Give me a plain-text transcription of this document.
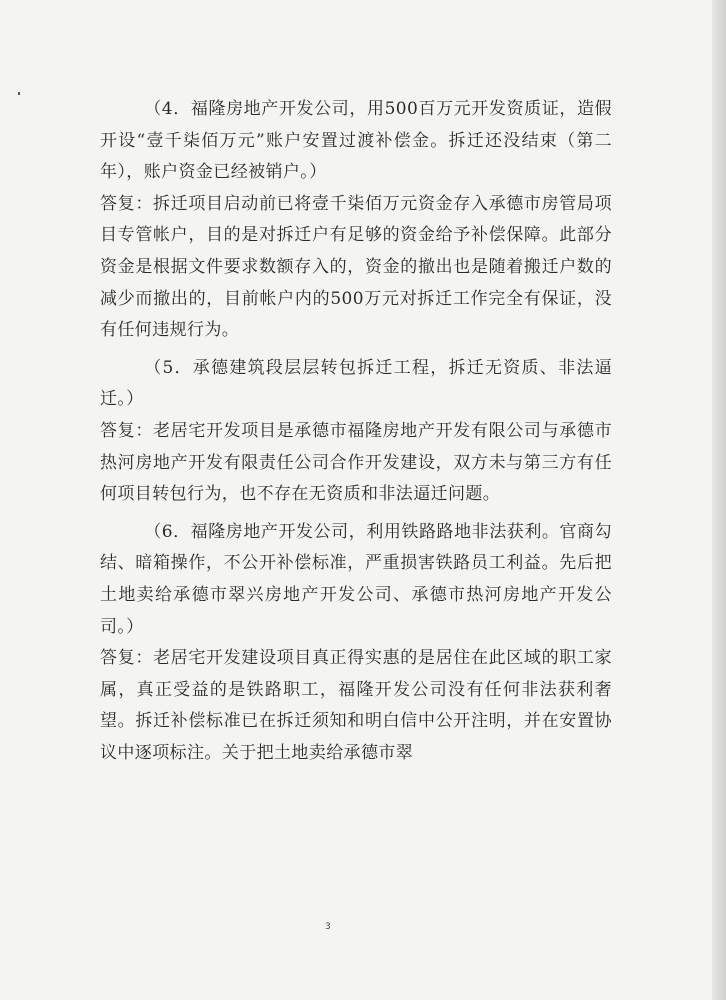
（4．福隆房地产开发公司，用500百万元开发资质证，造假开设“壹千柒佰万元”账户安置过渡补偿金。拆迁还没结束（第二年），账户资金已经被销户。）

答复：拆迁项目启动前已将壹千柒佰万元资金存入承德市房管局项目专管帐户，目的是对拆迁户有足够的资金给予补偿保障。此部分资金是根据文件要求数额存入的，资金的撤出也是随着搬迁户数的减少而撤出的，目前帐户内的500万元对拆迁工作完全有保证，没有任何违规行为。

（5．承德建筑段层层转包拆迁工程，拆迁无资质、非法逼迁。）

答复：老居宅开发项目是承德市福隆房地产开发有限公司与承德市热河房地产开发有限责任公司合作开发建设，双方未与第三方有任何项目转包行为，也不存在无资质和非法逼迁问题。

（6．福隆房地产开发公司，利用铁路路地非法获利。官商勾结、暗箱操作，不公开补偿标准，严重损害铁路员工利益。先后把土地卖给承德市翠兴房地产开发公司、承德市热河房地产开发公司。）

答复：老居宅开发建设项目真正得实惠的是居住在此区域的职工家属，真正受益的是铁路职工，福隆开发公司没有任何非法获利奢望。拆迁补偿标准已在拆迁须知和明白信中公开注明，并在安置协议中逐项标注。关于把土地卖给承德市翠

3
